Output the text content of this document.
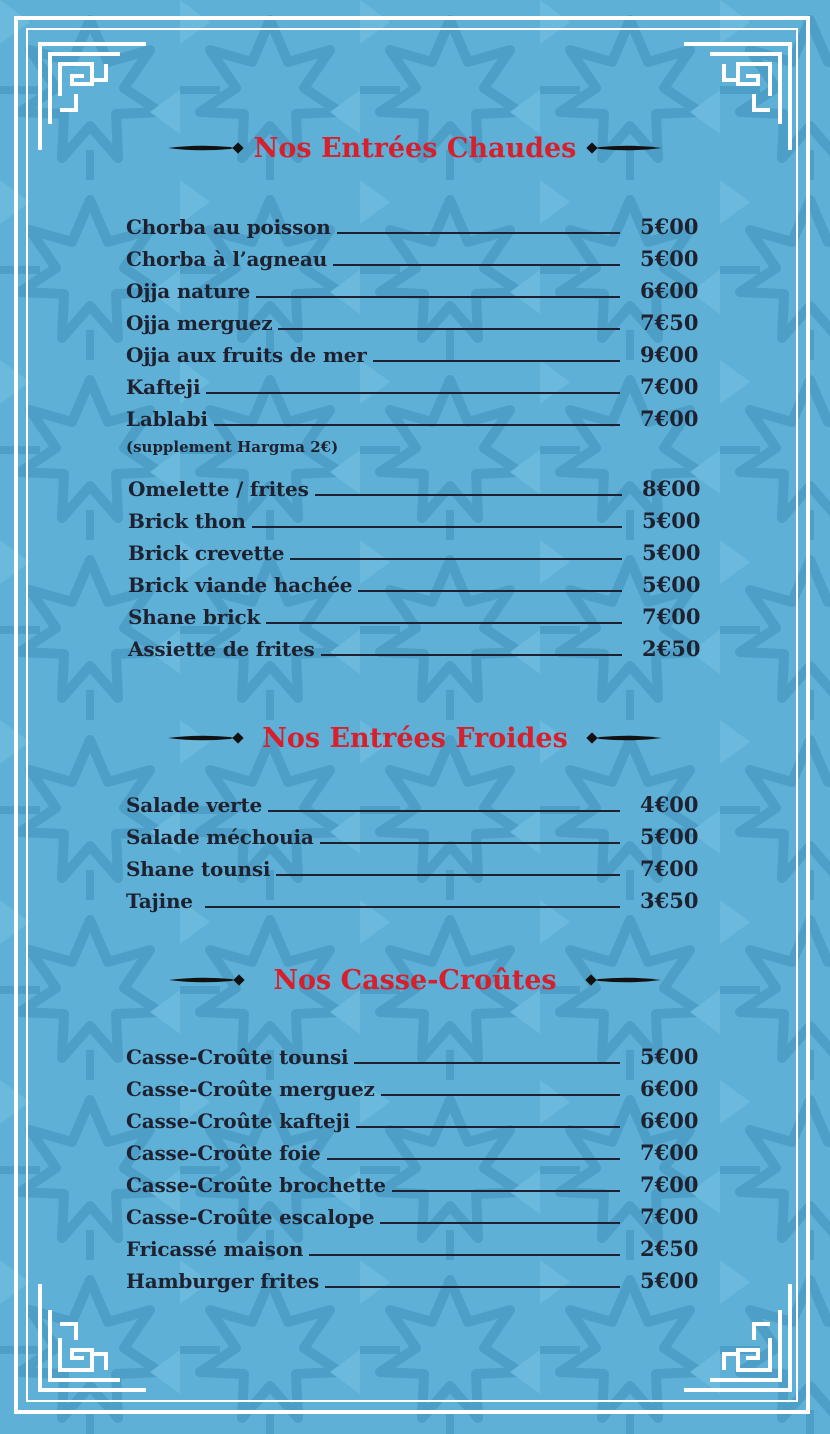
Nos Entrées Chaudes
Chorba au poisson	5€00
Chorba à l’agneau	5€00
Ojja nature	6€00
Ojja merguez	7€50
Ojja aux fruits de mer	9€00
Kafteji	7€00
Lablabi	7€00
(supplement Hargma 2€)
Omelette / frites	8€00
Brick thon	5€00
Brick crevette	5€00
Brick viande hachée	5€00
Shane brick	7€00
Assiette de frites	2€50
Nos Entrées Froides
Salade verte	4€00
Salade méchouia	5€00
Shane tounsi	7€00
Tajine	3€50
Nos Casse-Croûtes
Casse-Croûte tounsi	5€00
Casse-Croûte merguez	6€00
Casse-Croûte kafteji	6€00
Casse-Croûte foie	7€00
Casse-Croûte brochette	7€00
Casse-Croûte escalope	7€00
Fricassé maison	2€50
Hamburger frites	5€00
